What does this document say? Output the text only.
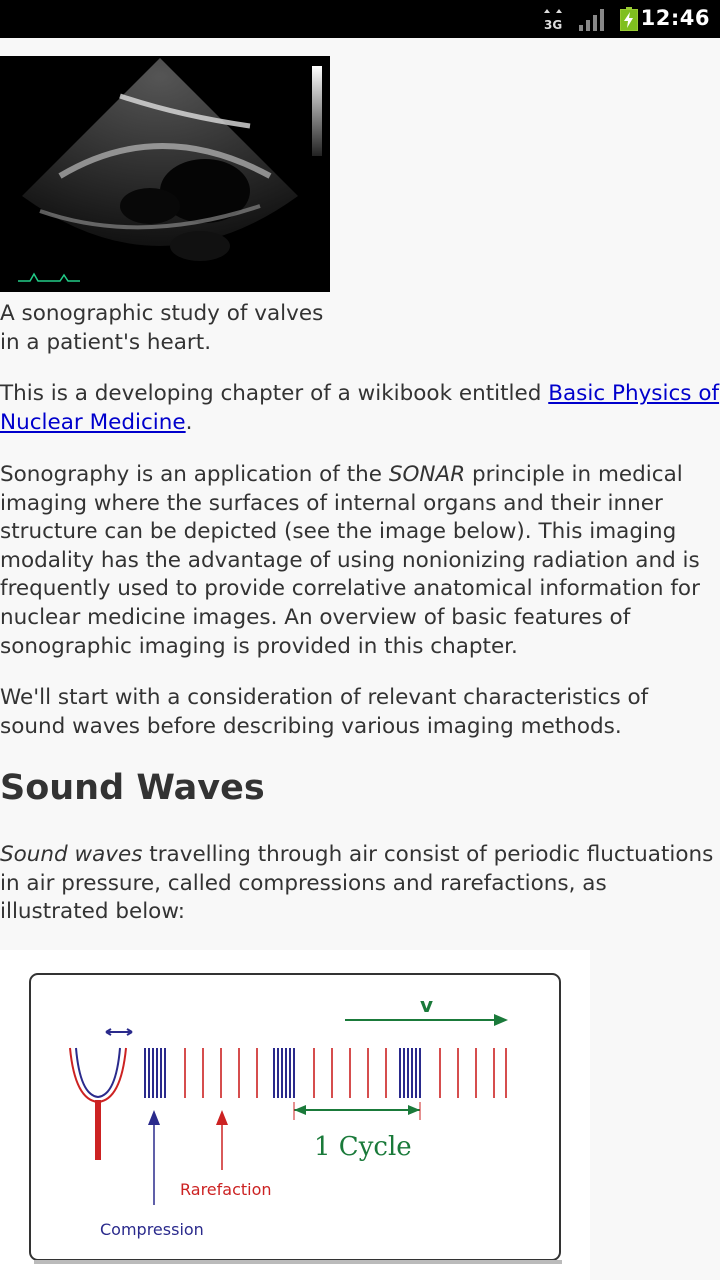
3G	12:46
A sonographic study of valves in a patient's heart.

This is a developing chapter of a wikibook entitled Basic Physics of Nuclear Medicine.

Sonography is an application of the SONAR principle in medical imaging where the surfaces of internal organs and their inner structure can be depicted (see the image below). This imaging modality has the advantage of using nonionizing radiation and is frequently used to provide correlative anatomical information for nuclear medicine images. An overview of basic features of sonographic imaging is provided in this chapter.

We'll start with a consideration of relevant characteristics of sound waves before describing various imaging methods.

Sound Waves

Sound waves travelling through air consist of periodic fluctuations in air pressure, called compressions and rarefactions, as illustrated below:

v
1 Cycle
Rarefaction
Compression
